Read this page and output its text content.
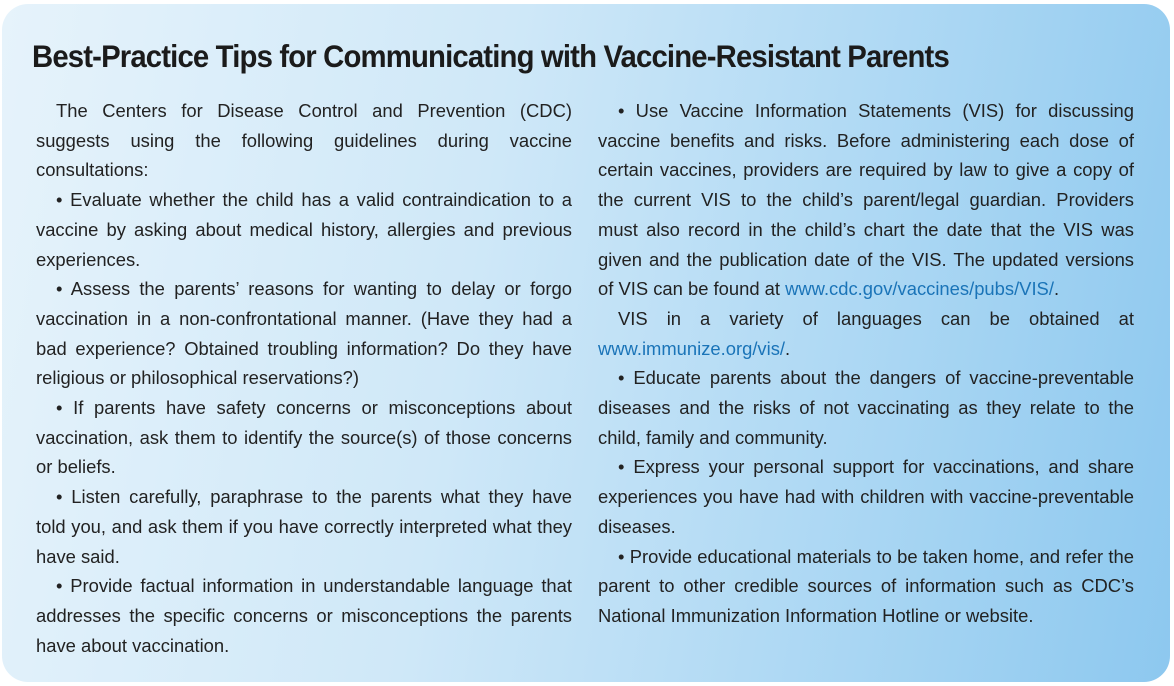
Best-Practice Tips for Communicating with Vaccine-Resistant Parents

The Centers for Disease Control and Prevention (CDC) suggests using the following guidelines during vaccine consultations:

• Evaluate whether the child has a valid contraindication to a vaccine by asking about medical history, allergies and previous experiences.

• Assess the parents’ reasons for wanting to delay or forgo vaccination in a non-confrontational manner. (Have they had a bad experience? Obtained troubling information? Do they have religious or philosophical reservations?)

• If parents have safety concerns or misconceptions about vaccination, ask them to identify the source(s) of those concerns or beliefs.

• Listen carefully, paraphrase to the parents what they have told you, and ask them if you have correctly interpreted what they have said.

• Provide factual information in understandable language that addresses the specific concerns or misconceptions the parents have about vaccination.

• Use Vaccine Information Statements (VIS) for discussing vaccine benefits and risks. Before administering each dose of certain vaccines, providers are required by law to give a copy of the current VIS to the child’s parent/legal guardian. Providers must also record in the child’s chart the date that the VIS was given and the publication date of the VIS. The updated versions of VIS can be found at www.cdc.gov/vaccines/pubs/VIS/.

VIS in a variety of languages can be obtained at www.immunize.org/vis/.

• Educate parents about the dangers of vaccine-preventable diseases and the risks of not vaccinating as they relate to the child, family and community.

• Express your personal support for vaccinations, and share experiences you have had with children with vaccine-preventable diseases.

• Provide educational materials to be taken home, and refer the parent to other credible sources of information such as CDC’s National Immunization Information Hotline or website.
